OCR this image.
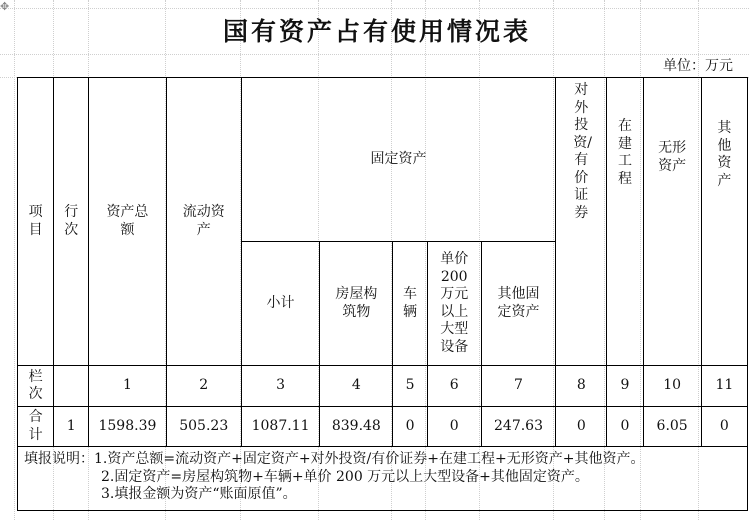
✥
国有资产占有使用情况表
单位：万元
项目	行次	资产总额	流动资产	固定资产					对外投资/有价证券	在建工程	无形资产	其他资产
				小计	房屋构筑物	车辆	单价200万元以上大型设备	其他固定资产				
栏次		1	2	3	4	5	6	7	8	9	10	11
合计	1	1598.39	505.23	1087.11	839.48	0	0	247.63	0	0	6.05	0

填报说明：1.资产总额=流动资产+固定资产+对外投资/有价证券+在建工程+无形资产+其他资产。
2.固定资产=房屋构筑物+车辆+单价 200 万元以上大型设备+其他固定资产。
3.填报金额为资产“账面原值”。												
